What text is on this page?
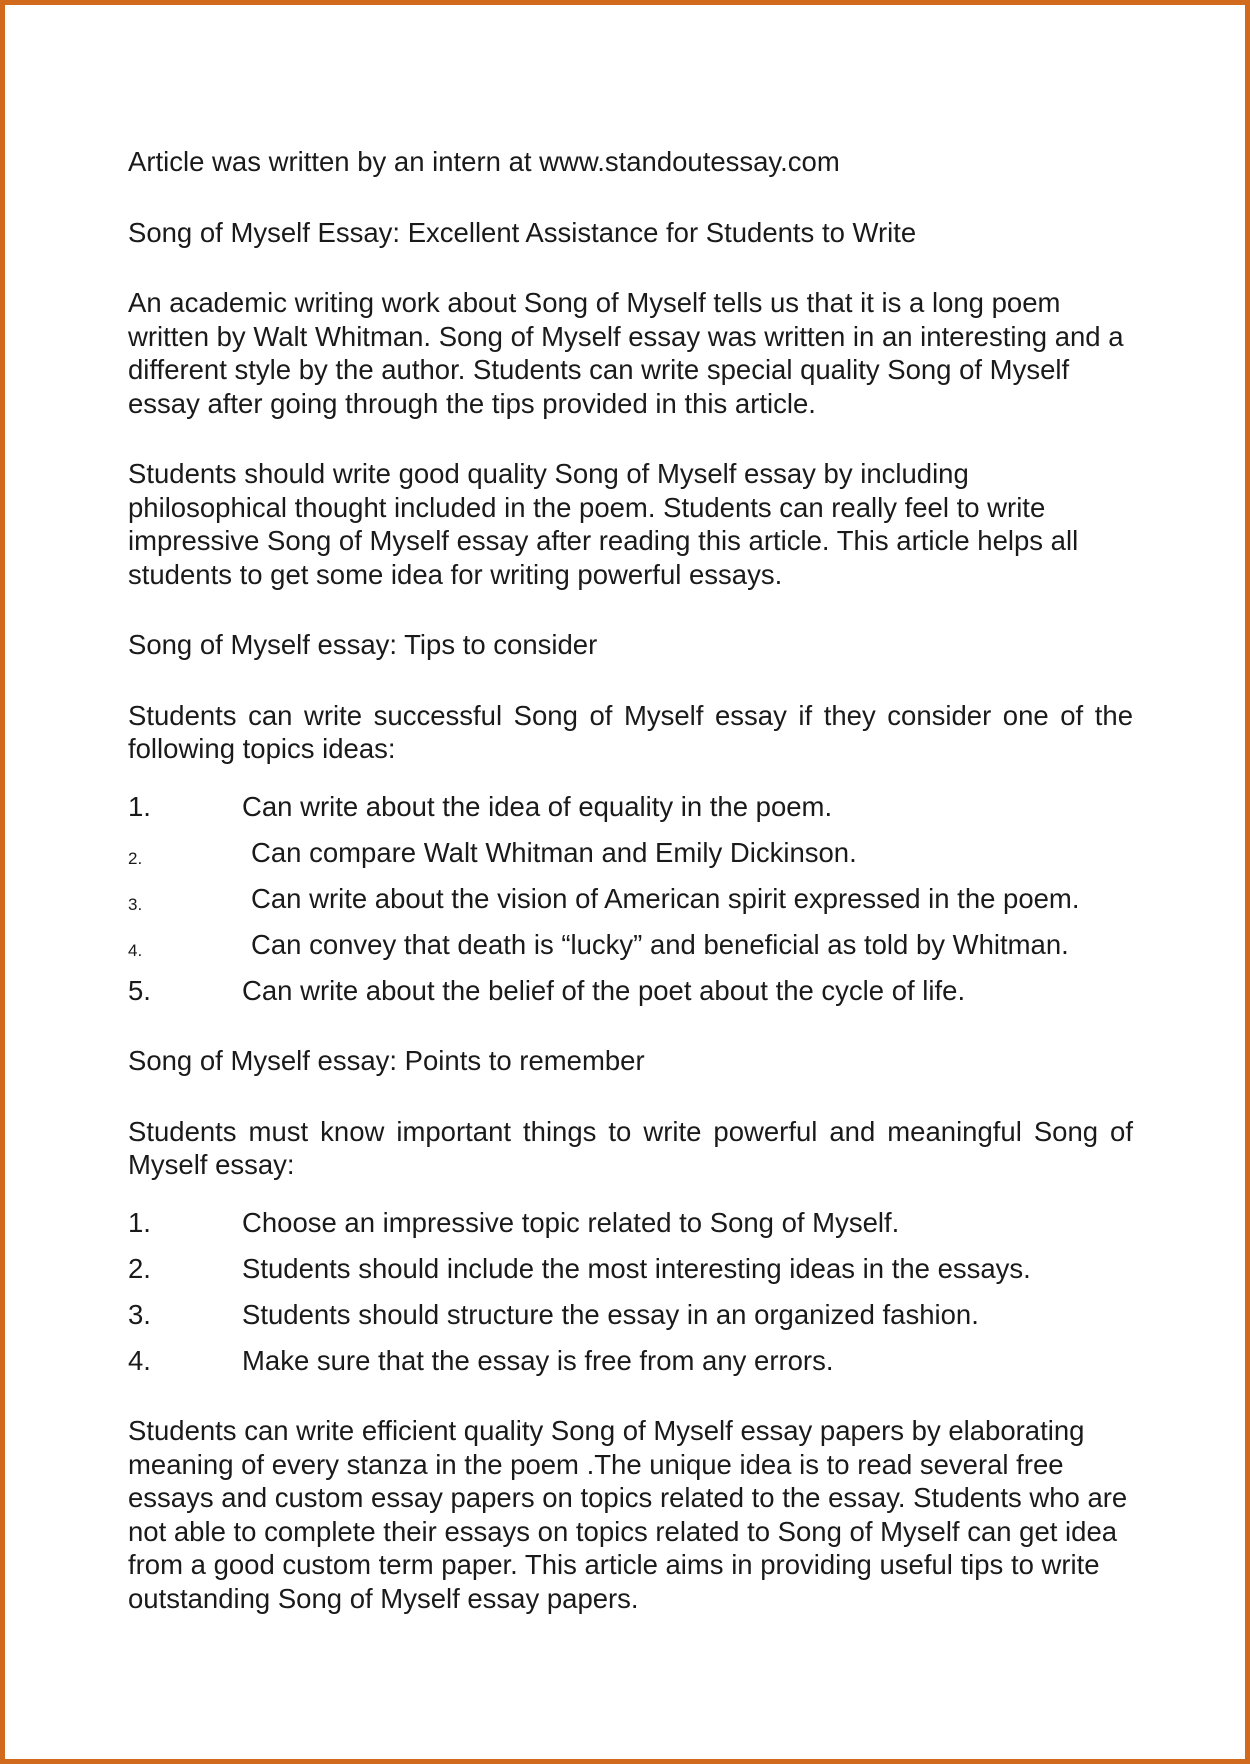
Article was written by an intern at www.standoutessay.com

Song of Myself Essay: Excellent Assistance for Students to Write

An academic writing work about Song of Myself tells us that it is a long poem written by Walt Whitman. Song of Myself essay was written in an interesting and a different style by the author. Students can write special quality Song of Myself essay after going through the tips provided in this article.

Students should write good quality Song of Myself essay by including philosophical thought included in the poem. Students can really feel to write impressive Song of Myself essay after reading this article. This article helps all students to get some idea for writing powerful essays.

Song of Myself essay: Tips to consider

Students can write successful Song of Myself essay if they consider one of the following topics ideas:

1.	Can write about the idea of equality in the poem.
2.	Can compare Walt Whitman and Emily Dickinson.
3.	Can write about the vision of American spirit expressed in the poem.
4.	Can convey that death is “lucky” and beneficial as told by Whitman.
5.	Can write about the belief of the poet about the cycle of life.

Song of Myself essay: Points to remember

Students must know important things to write powerful and meaningful Song of Myself essay:

1.	Choose an impressive topic related to Song of Myself.
2.	Students should include the most interesting ideas in the essays.
3.	Students should structure the essay in an organized fashion.
4.	Make sure that the essay is free from any errors.

Students can write efficient quality Song of Myself essay papers by elaborating meaning of every stanza in the poem .The unique idea is to read several free essays and custom essay papers on topics related to the essay. Students who are not able to complete their essays on topics related to Song of Myself can get idea from a good custom term paper. This article aims in providing useful tips to write outstanding Song of Myself essay papers.
